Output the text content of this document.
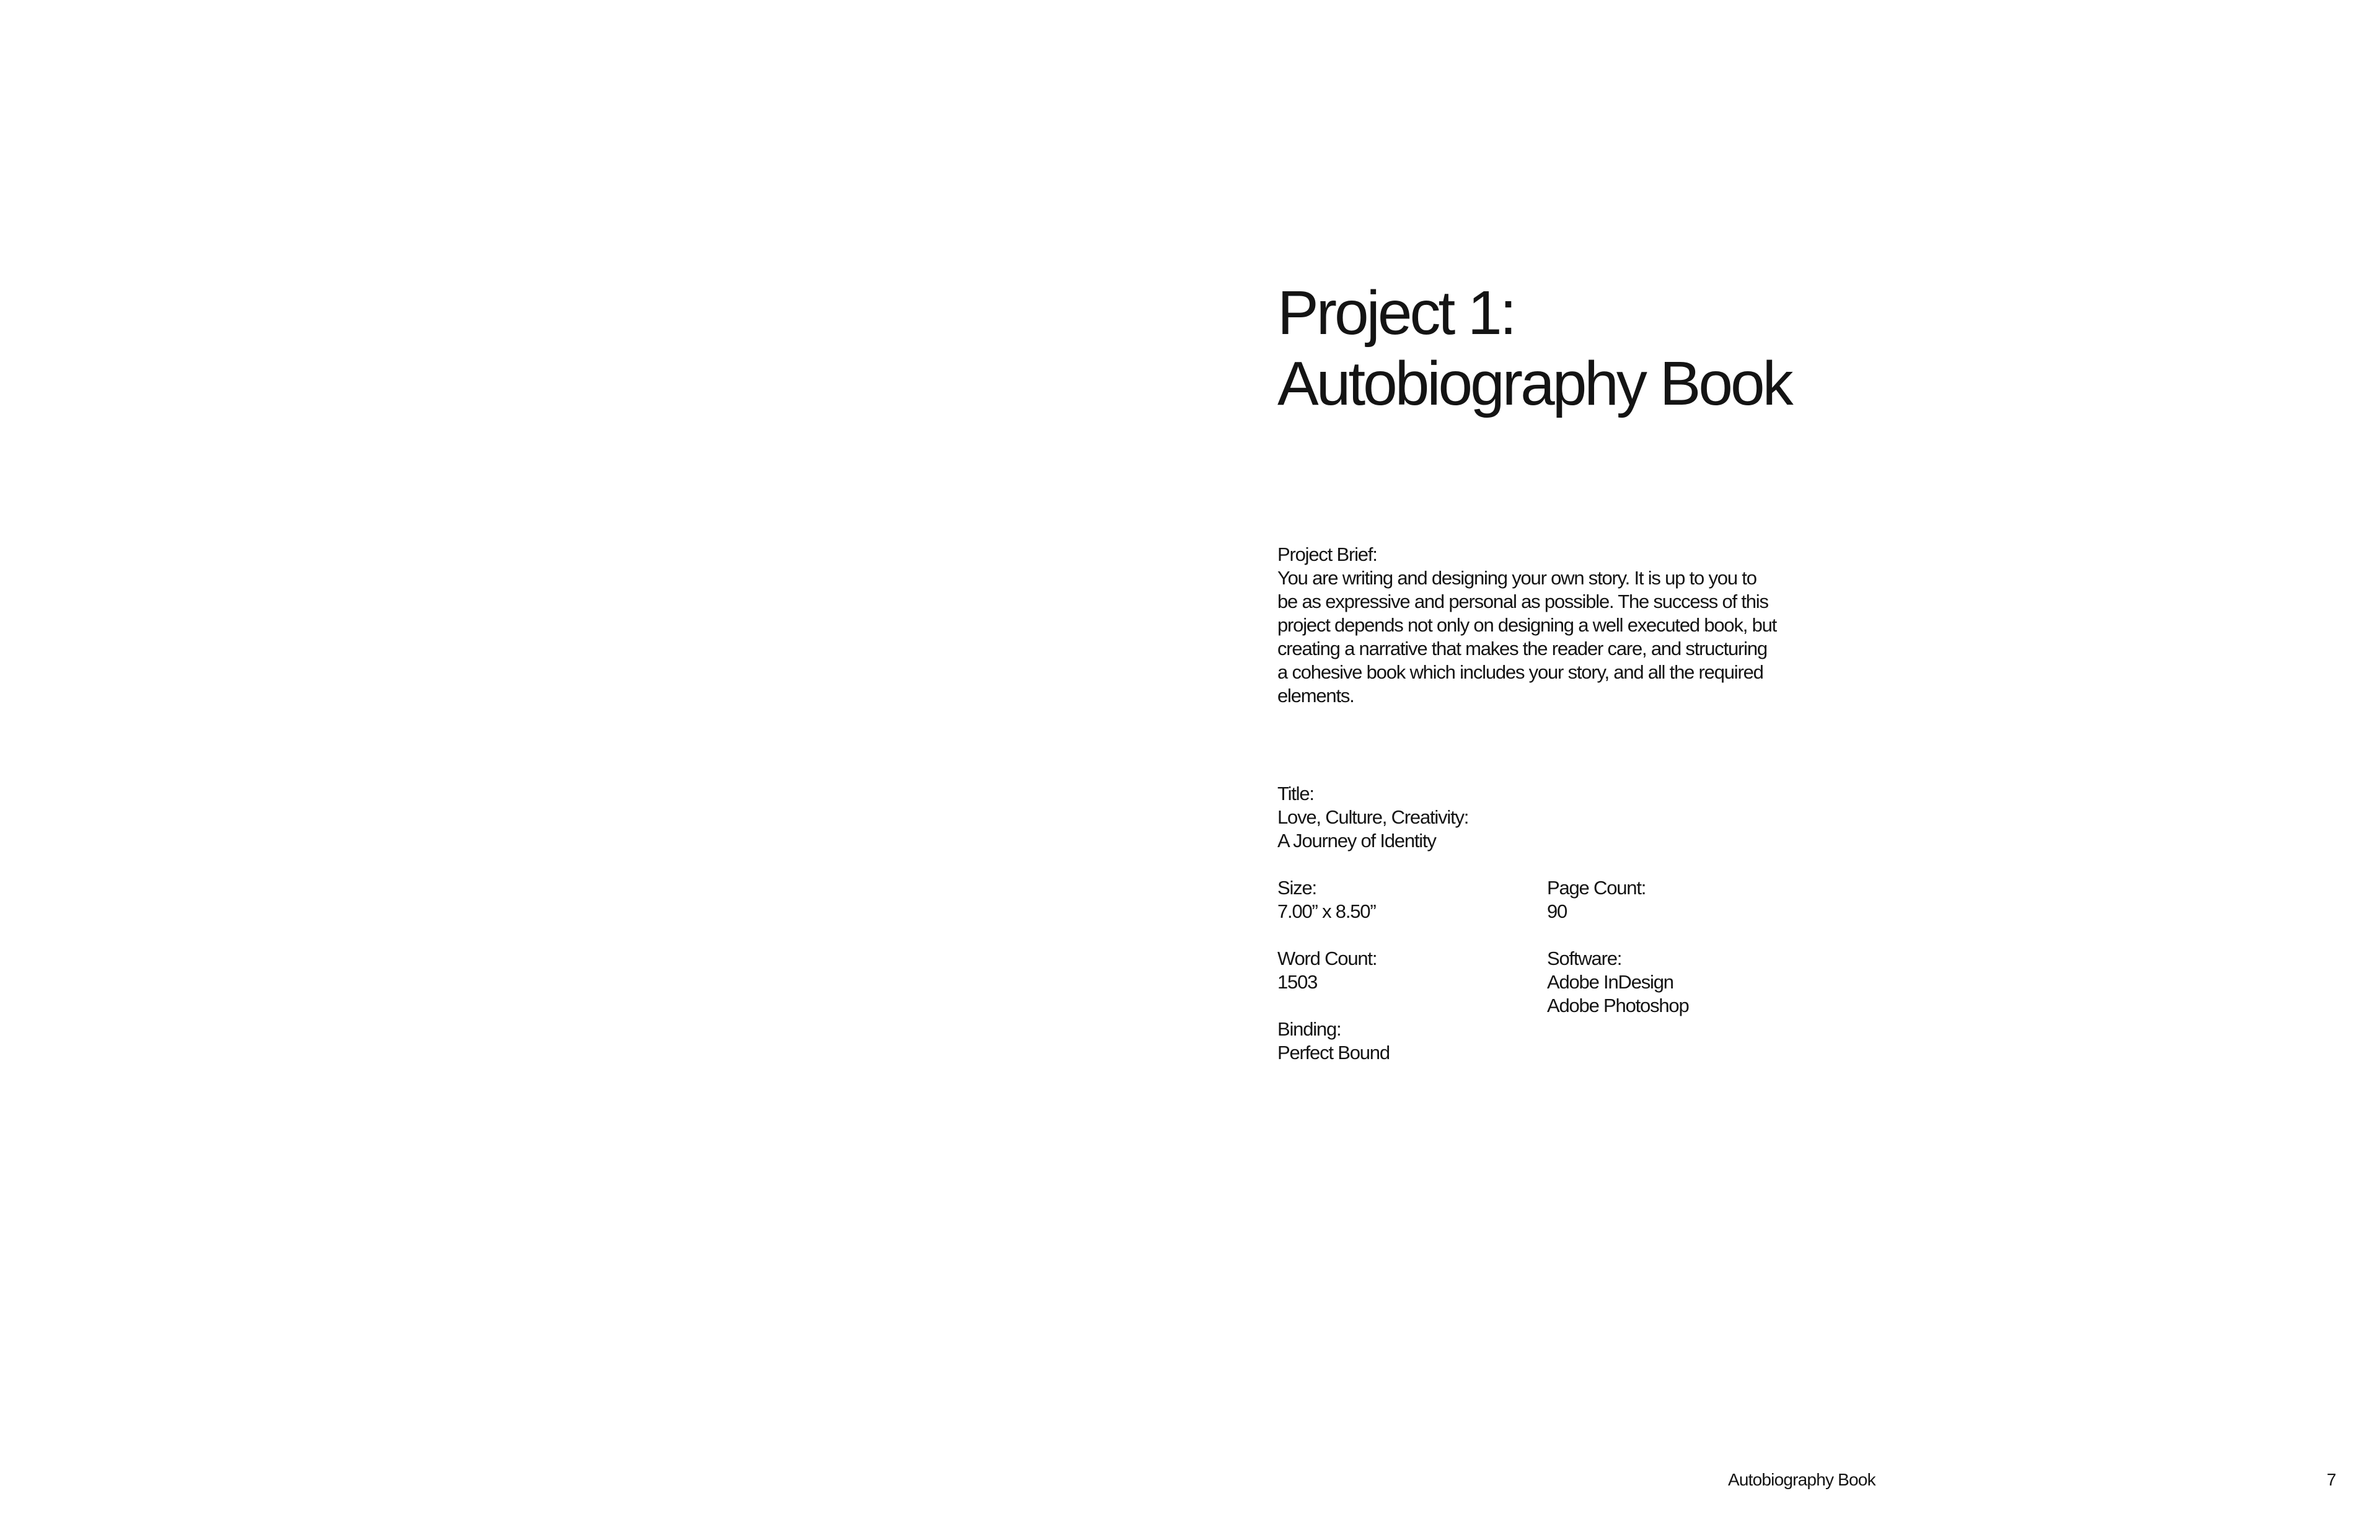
Project 1:
Autobiography Book
Project Brief:
You are writing and designing your own story. It is up to you to
be as expressive and personal as possible. The success of this
project depends not only on designing a well executed book, but
creating a narrative that makes the reader care, and structuring
a cohesive book which includes your story, and all the required
elements.
Title:
Love, Culture, Creativity:
A Journey of Identity
Size:
7.00” x 8.50”
Page Count:
90
Word Count:
1503
Software:
Adobe InDesign
Adobe Photoshop
Binding:
Perfect Bound
Autobiography Book	7
